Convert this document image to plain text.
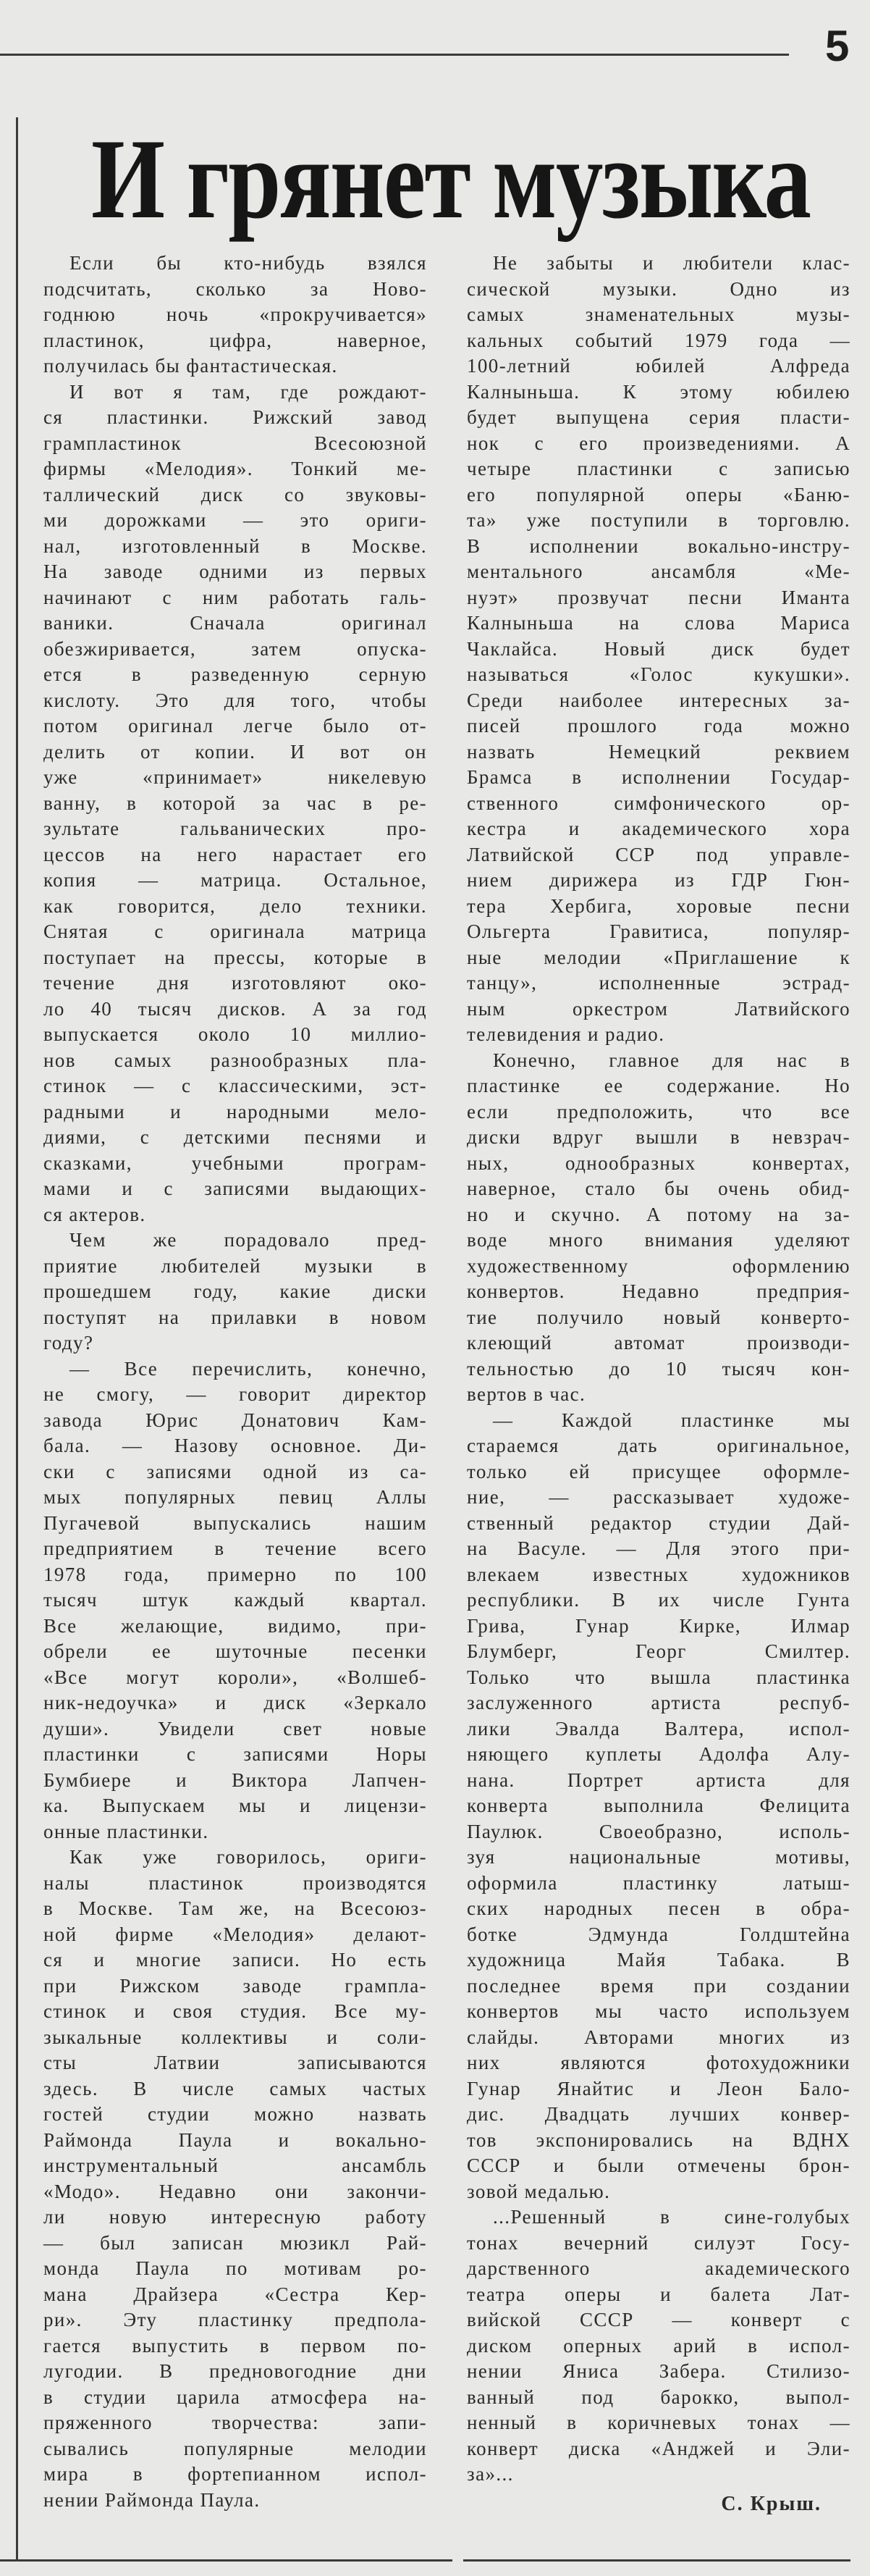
5
И грянет музыка
Если бы кто-нибудь взялся
подсчитать, сколько за Ново-
годнюю ночь «прокручивается»
пластинок, цифра, наверное,
получилась бы фантастическая.
И вот я там, где рождают-
ся пластинки. Рижский завод
грампластинок Всесоюзной
фирмы «Мелодия». Тонкий ме-
таллический диск со звуковы-
ми дорожками — это ориги-
нал, изготовленный в Москве.
На заводе одними из первых
начинают с ним работать галь-
ваники. Сначала оригинал
обезжиривается, затем опуска-
ется в разведенную серную
кислоту. Это для того, чтобы
потом оригинал легче было от-
делить от копии. И вот он
уже «принимает» никелевую
ванну, в которой за час в ре-
зультате гальванических про-
цессов на него нарастает его
копия — матрица. Остальное,
как говорится, дело техники.
Снятая с оригинала матрица
поступает на прессы, которые в
течение дня изготовляют око-
ло 40 тысяч дисков. А за год
выпускается около 10 миллио-
нов самых разнообразных пла-
стинок — с классическими, эст-
радными и народными мело-
диями, с детскими песнями и
сказками, учебными програм-
мами и с записями выдающих-
ся актеров.
Чем же порадовало пред-
приятие любителей музыки в
прошедшем году, какие диски
поступят на прилавки в новом
году?
— Все перечислить, конечно,
не смогу, — говорит директор
завода Юрис Донатович Кам-
бала. — Назову основное. Ди-
ски с записями одной из са-
мых популярных певиц Аллы
Пугачевой выпускались нашим
предприятием в течение всего
1978 года, примерно по 100
тысяч штук каждый квартал.
Все желающие, видимо, при-
обрели ее шуточные песенки
«Все могут короли», «Волшеб-
ник-недоучка» и диск «Зеркало
души». Увидели свет новые
пластинки с записями Норы
Бумбиере и Виктора Лапчен-
ка. Выпускаем мы и лицензи-
онные пластинки.
Как уже говорилось, ориги-
налы пластинок производятся
в Москве. Там же, на Всесоюз-
ной фирме «Мелодия» делают-
ся и многие записи. Но есть
при Рижском заводе грампла-
стинок и своя студия. Все му-
зыкальные коллективы и соли-
сты Латвии записываются
здесь. В числе самых частых
гостей студии можно назвать
Раймонда Паула и вокально-
инструментальный ансамбль
«Модо». Недавно они закончи-
ли новую интересную работу
— был записан мюзикл Рай-
монда Паула по мотивам ро-
мана Драйзера «Сестра Кер-
ри». Эту пластинку предпола-
гается выпустить в первом по-
лугодии. В предновогодние дни
в студии царила атмосфера на-
пряженного творчества: запи-
сывались популярные мелодии
мира в фортепианном испол-
нении Раймонда Паула.
Не забыты и любители клас-
сической музыки. Одно из
самых знаменательных музы-
кальных событий 1979 года —
100-летний юбилей Алфреда
Калныньша. К этому юбилею
будет выпущена серия пласти-
нок с его произведениями. А
четыре пластинки с записью
его популярной оперы «Баню-
та» уже поступили в торговлю.
В исполнении вокально-инстру-
ментального ансамбля «Ме-
нуэт» прозвучат песни Иманта
Калныньша на слова Мариса
Чаклайса. Новый диск будет
называться «Голос кукушки».
Среди наиболее интересных за-
писей прошлого года можно
назвать Немецкий реквием
Брамса в исполнении Государ-
ственного симфонического ор-
кестра и академического хора
Латвийской ССР под управле-
нием дирижера из ГДР Гюн-
тера Хербига, хоровые песни
Ольгерта Гравитиса, популяр-
ные мелодии «Приглашение к
танцу», исполненные эстрад-
ным оркестром Латвийского
телевидения и радио.
Конечно, главное для нас в
пластинке ее содержание. Но
если предположить, что все
диски вдруг вышли в невзрач-
ных, однообразных конвертах,
наверное, стало бы очень обид-
но и скучно. А потому на за-
воде много внимания уделяют
художественному оформлению
конвертов. Недавно предприя-
тие получило новый конверто-
клеющий автомат производи-
тельностью до 10 тысяч кон-
вертов в час.
— Каждой пластинке мы
стараемся дать оригинальное,
только ей присущее оформле-
ние, — рассказывает художе-
ственный редактор студии Дай-
на Васуле. — Для этого при-
влекаем известных художников
республики. В их числе Гунта
Грива, Гунар Кирке, Илмар
Блумберг, Георг Смилтер.
Только что вышла пластинка
заслуженного артиста респуб-
лики Эвалда Валтера, испол-
няющего куплеты Адолфа Алу-
нана. Портрет артиста для
конверта выполнила Фелицита
Паулюк. Своеобразно, исполь-
зуя национальные мотивы,
оформила пластинку латыш-
ских народных песен в обра-
ботке Эдмунда Голдштейна
художница Майя Табака. В
последнее время при создании
конвертов мы часто используем
слайды. Авторами многих из
них являются фотохудожники
Гунар Янайтис и Леон Бало-
дис. Двадцать лучших конвер-
тов экспонировались на ВДНХ
СССР и были отмечены брон-
зовой медалью.
...Решенный в сине-голубых
тонах вечерний силуэт Госу-
дарственного академического
театра оперы и балета Лат-
вийской СССР — конверт с
диском оперных арий в испол-
нении Яниса Забера. Стилизо-
ванный под барокко, выпол-
ненный в коричневых тонах —
конверт диска «Анджей и Эли-
за»...
С. Крыш.
